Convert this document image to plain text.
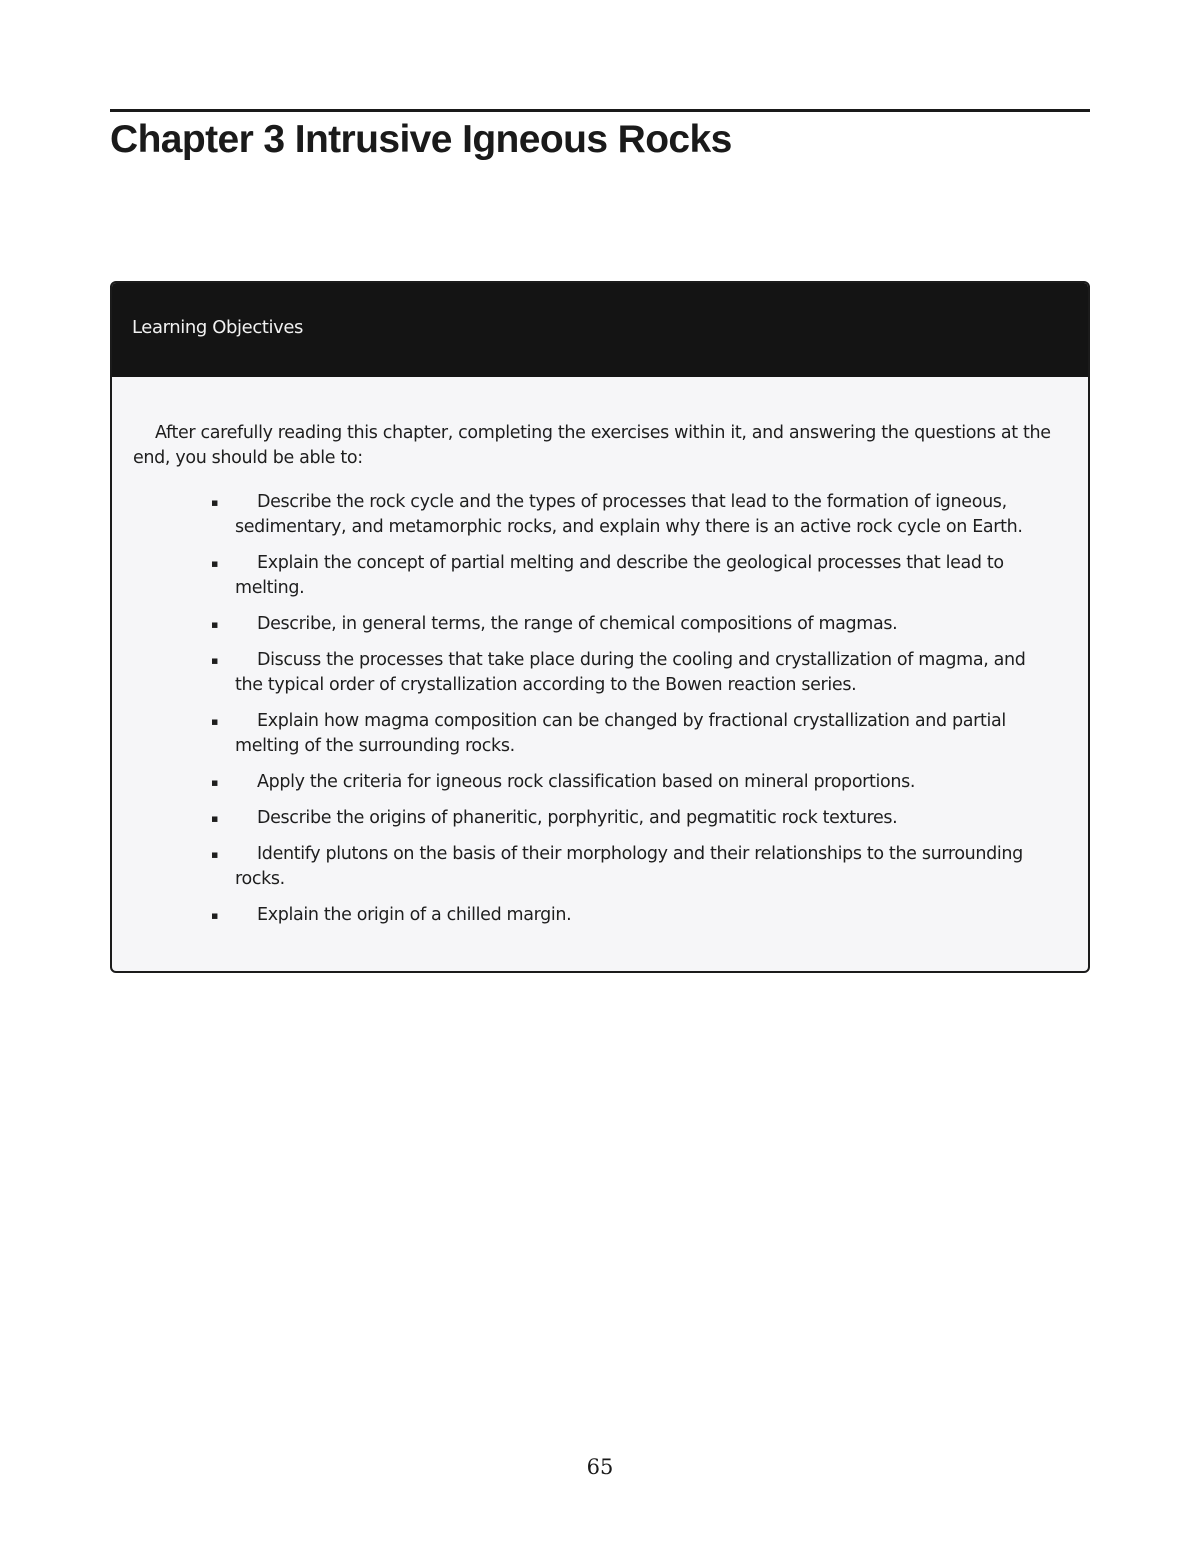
Chapter 3 Intrusive Igneous Rocks
Learning Objectives

After carefully reading this chapter, completing the exercises within it, and answering the questions at the end, you should be able to:

▪ Describe the rock cycle and the types of processes that lead to the formation of igneous, sedimentary, and metamorphic rocks, and explain why there is an active rock cycle on Earth.
▪ Explain the concept of partial melting and describe the geological processes that lead to melting.
▪ Describe, in general terms, the range of chemical compositions of magmas.
▪ Discuss the processes that take place during the cooling and crystallization of magma, and the typical order of crystallization according to the Bowen reaction series.
▪ Explain how magma composition can be changed by fractional crystallization and partial melting of the surrounding rocks.
▪ Apply the criteria for igneous rock classification based on mineral proportions.
▪ Describe the origins of phaneritic, porphyritic, and pegmatitic rock textures.
▪ Identify plutons on the basis of their morphology and their relationships to the surrounding rocks.
▪ Explain the origin of a chilled margin.
65
